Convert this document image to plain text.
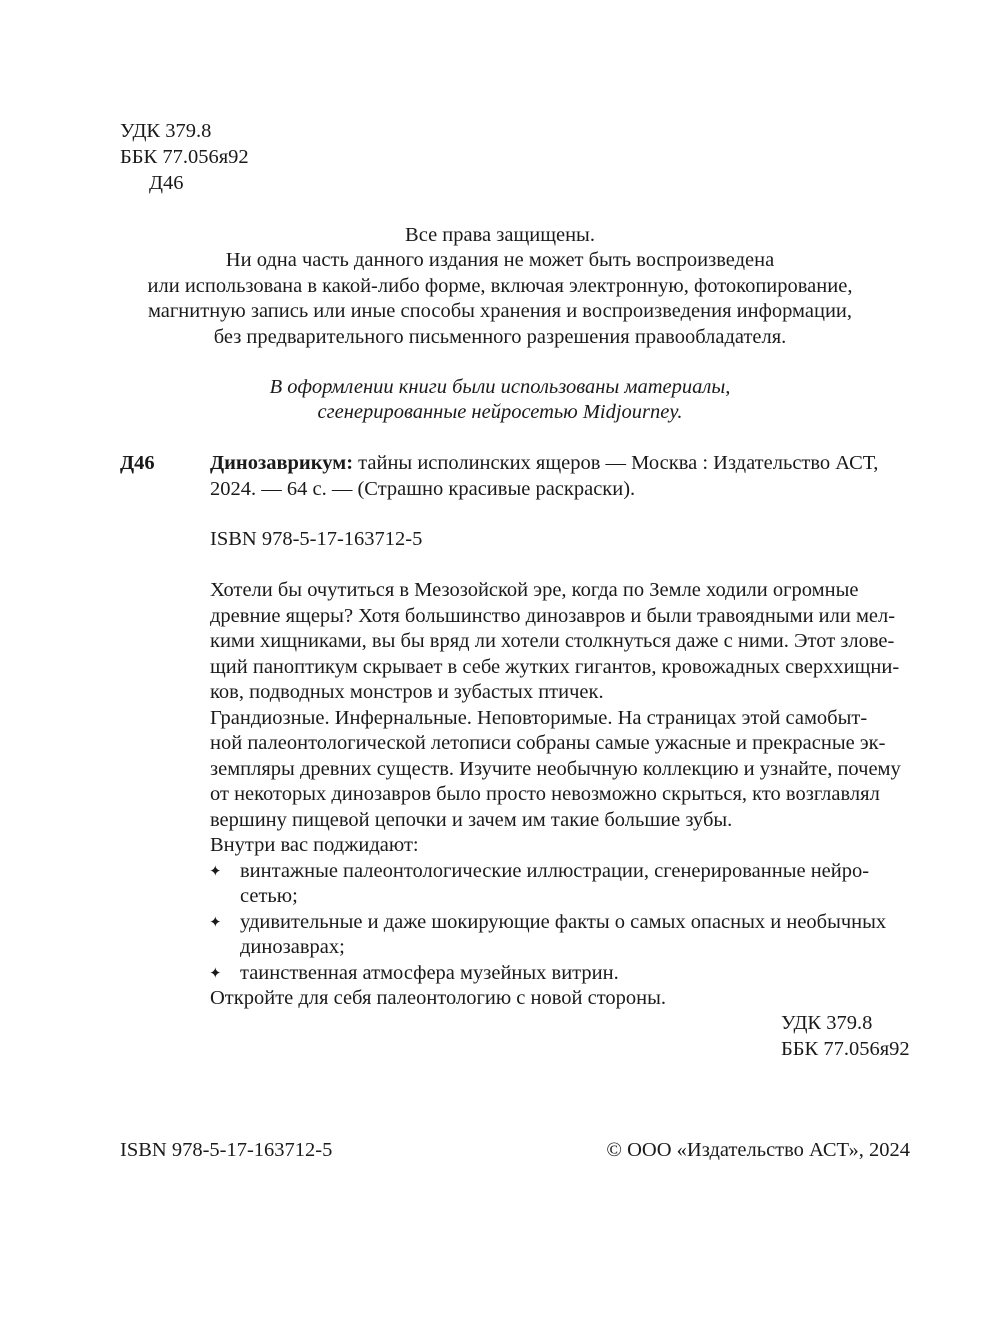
УДК 379.8
ББК 77.056я92
Д46
Все права защищены.
Ни одна часть данного издания не может быть воспроизведена
или использована в какой-либо форме, включая электронную, фотокопирование,
магнитную запись или иные способы хранения и воспроизведения информации,
без предварительного письменного разрешения правообладателя.
В оформлении книги были использованы материалы,
сгенерированные нейросетью Midjourney.
Д46	Динозаврикум: тайны исполинских ящеров — Москва : Издательство АСТ,
2024. — 64 с. — (Страшно красивые раскраски).
ISBN 978-5-17-163712-5
Хотели бы очутиться в Мезозойской эре, когда по Земле ходили огромные
древние ящеры? Хотя большинство динозавров и были травоядными или мел-
кими хищниками, вы бы вряд ли хотели столкнуться даже с ними. Этот злове-
щий паноптикум скрывает в себе жутких гигантов, кровожадных сверххищни-
ков, подводных монстров и зубастых птичек.
Грандиозные. Инфернальные. Неповторимые. На страницах этой самобыт-
ной палеонтологической летописи собраны самые ужасные и прекрасные эк-
земпляры древних существ. Изучите необычную коллекцию и узнайте, почему
от некоторых динозавров было просто невозможно скрыться, кто возглавлял
вершину пищевой цепочки и зачем им такие большие зубы.
Внутри вас поджидают:
✦ винтажные палеонтологические иллюстрации, сгенерированные нейро-
сетью;
✦ удивительные и даже шокирующие факты о самых опасных и необычных
динозаврах;
✦ таинственная атмосфера музейных витрин.
Откройте для себя палеонтологию с новой стороны.
УДК 379.8
ББК 77.056я92
ISBN 978-5-17-163712-5	© ООО «Издательство АСТ», 2024
